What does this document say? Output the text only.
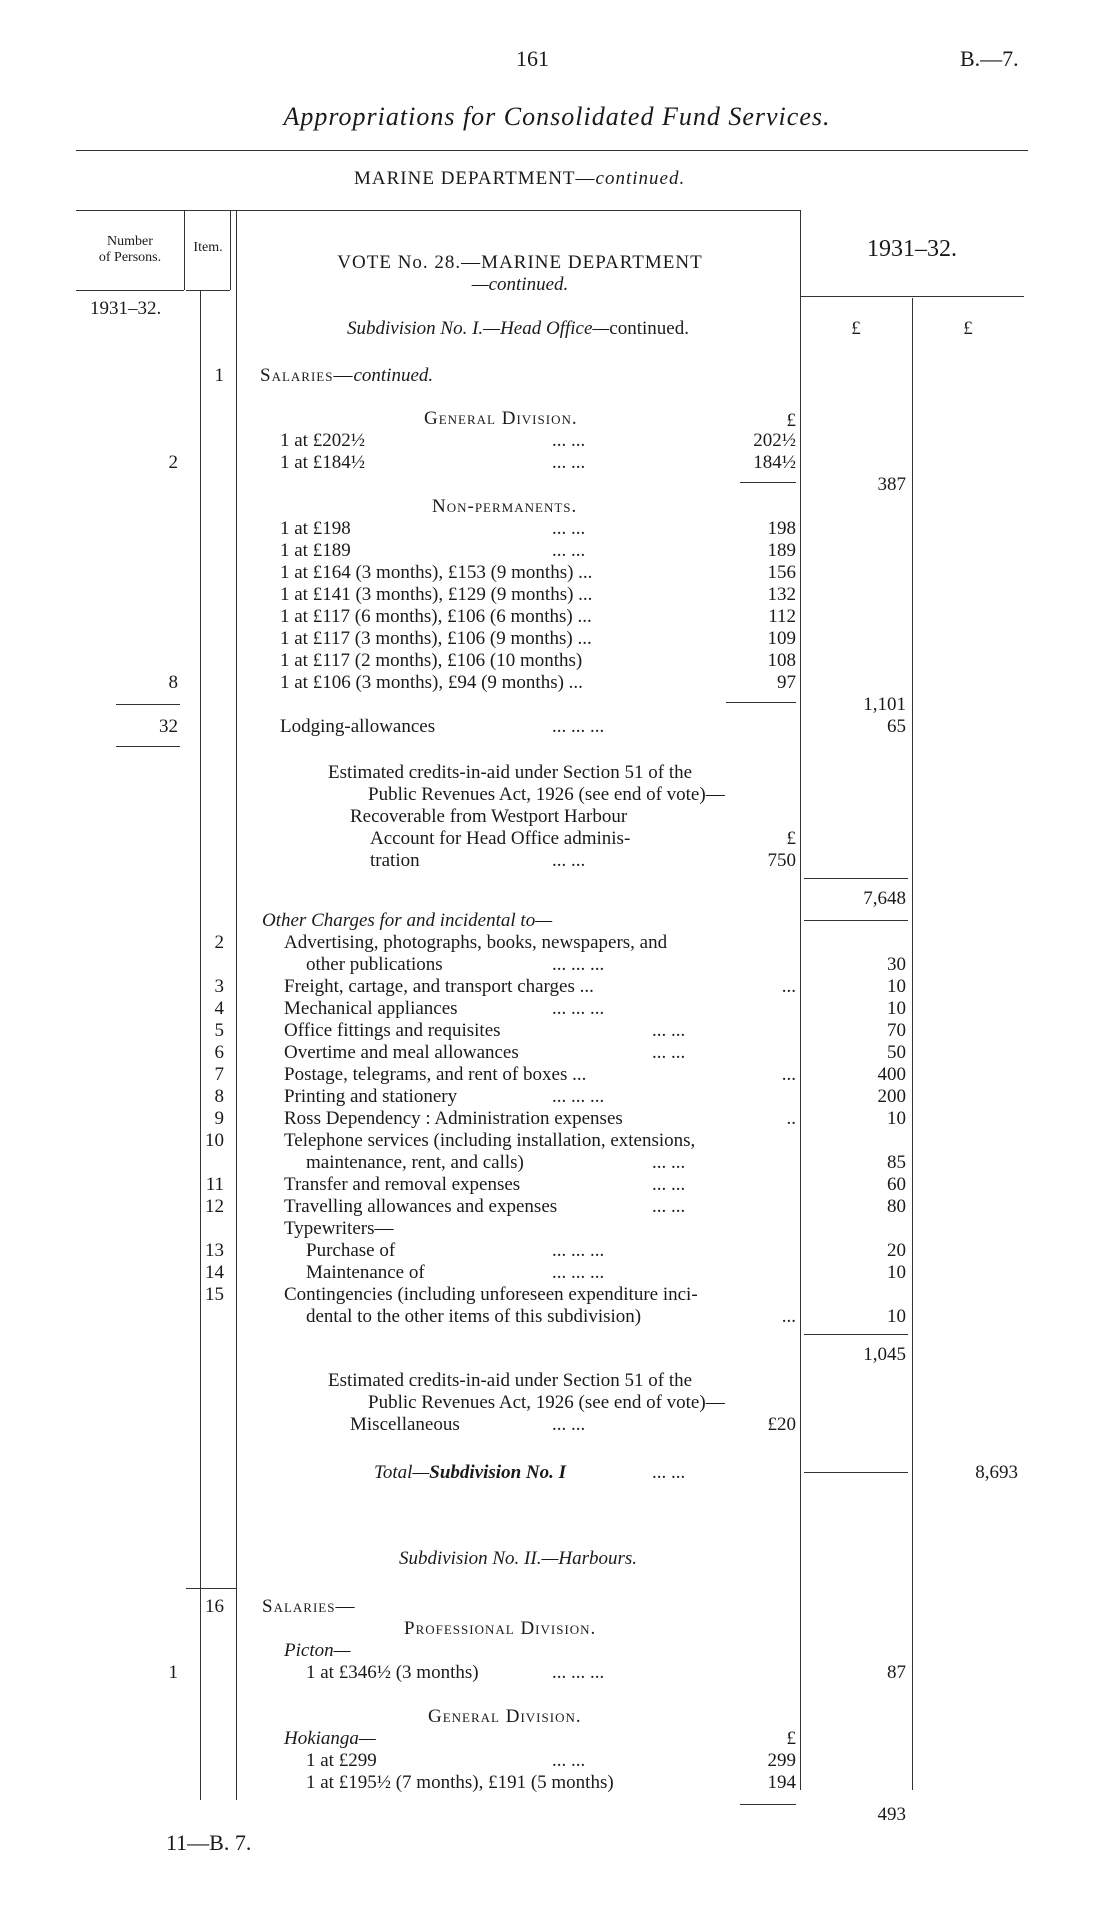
161	B.—7.
Appropriations for Consolidated Fund Services.
MARINE DEPARTMENT—continued.
Number
of Persons.
Item.
VOTE No. 28.—MARINE DEPARTMENT
—continued.
1931–32.
1931–32.
£	£
Subdivision No. I.—Head Office—continued.
1 Salaries—continued.
General Division.	£
1 at £202½	... ...	202½
2	1 at £184½	... ...	184½
387
Non-permanents.
1 at £198	... ...	198
1 at £189	... ...	189
1 at £164 (3 months), £153 (9 months) ...	156
1 at £141 (3 months), £129 (9 months) ...	132
1 at £117 (6 months), £106 (6 months) ...	112
1 at £117 (3 months), £106 (9 months) ...	109
1 at £117 (2 months), £106 (10 months)	108
8	1 at £106 (3 months), £94 (9 months) ...	97
1,101
32	Lodging-allowances	... ... ...	65
Estimated credits-in-aid under Section 51 of the
Public Revenues Act, 1926 (see end of vote)—
Recoverable from Westport Harbour
Account for Head Office adminis-	£
tration	... ...	750
7,648
Other Charges for and incidental to—
2	Advertising, photographs, books, newspapers, and
other publications	... ... ...	30
3	Freight, cartage, and transport charges ...	...	10
4	Mechanical appliances	... ... ...	10
5	Office fittings and requisites	... ...	70
6	Overtime and meal allowances	... ...	50
7	Postage, telegrams, and rent of boxes ...	...	400
8	Printing and stationery	... ... ...	200
9	Ross Dependency : Administration expenses	..	10
10	Telephone services (including installation, extensions,
maintenance, rent, and calls)	... ...	85
11	Transfer and removal expenses	... ...	60
12	Travelling allowances and expenses	... ...	80
Typewriters—
13	Purchase of	... ... ...	20
14	Maintenance of	... ... ...	10
15	Contingencies (including unforeseen expenditure inci-
dental to the other items of this subdivision)	...	10
1,045
Estimated credits-in-aid under Section 51 of the
Public Revenues Act, 1926 (see end of vote)—
Miscellaneous	... ...	£20
Total—Subdivision No. I	... ...	8,693
Subdivision No. II.—Harbours.
16 Salaries—
Professional Division.
Picton—
1	1 at £346½ (3 months)	... ... ...	87
General Division.
Hokianga—	£
1 at £299	... ...	299
1 at £195½ (7 months), £191 (5 months)	194
493
11—B. 7.
